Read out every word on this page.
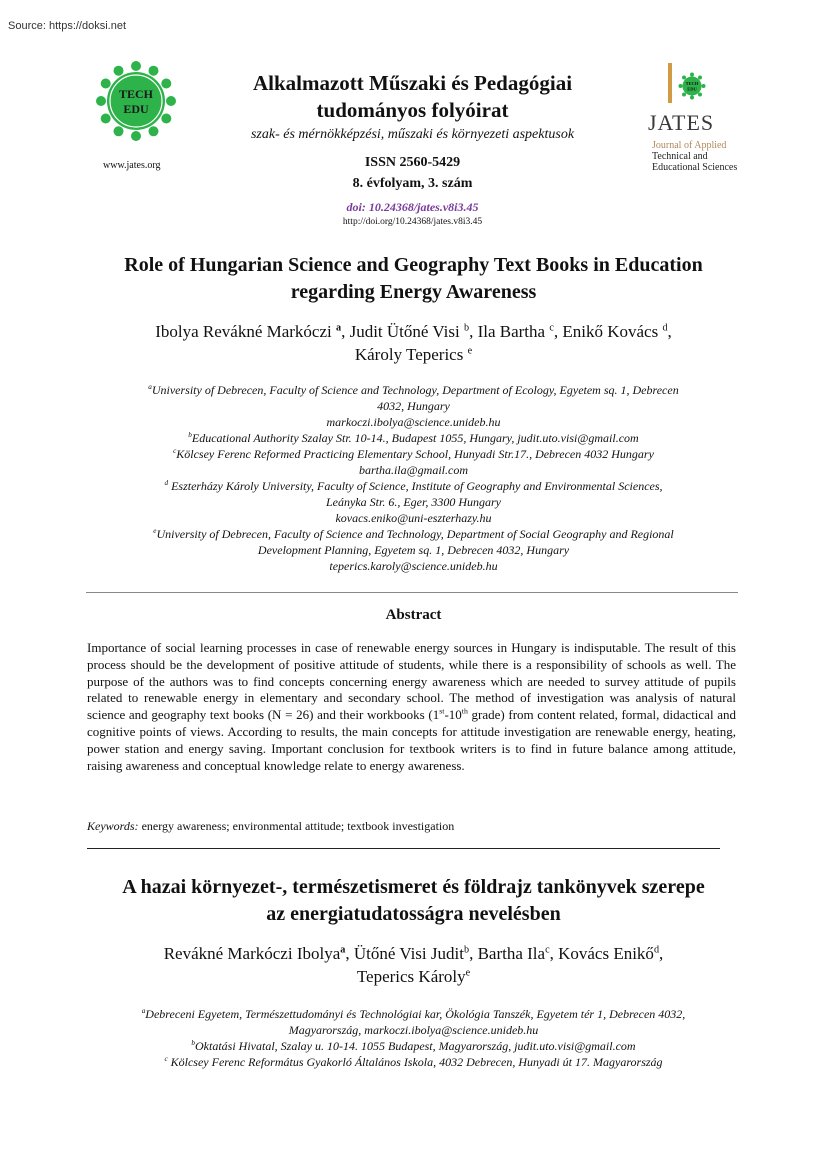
Source: https://doksi.net
TECH
EDU
www.jates.org
Alkalmazott Műszaki és Pedagógiai
tudományos folyóirat
szak- és mérnökképzési, műszaki és környezeti aspektusok
ISSN 2560-5429
8. évfolyam, 3. szám
doi: 10.24368/jates.v8i3.45
http://doi.org/10.24368/jates.v8i3.45
TECH
EDU
JATES
Journal of Applied
Technical and
Educational Sciences
Role of Hungarian Science and Geography Text Books in Education
regarding Energy Awareness
Ibolya Revákné Markóczi $^a$, Judit Ütőné Visi $^b$, Ila Bartha $^c$, Enikő Kovács $^d$,
Károly Teperics $^e$
$^a$University of Debrecen, Faculty of Science and Technology, Department of Ecology, Egyetem sq. 1, Debrecen
4032, Hungary
markoczi.ibolya@science.unideb.hu
$^b$Educational Authority Szalay Str. 10-14., Budapest 1055, Hungary, judit.uto.visi@gmail.com
$^c$Kölcsey Ferenc Reformed Practicing Elementary School, Hunyadi Str.17., Debrecen 4032 Hungary
bartha.ila@gmail.com
$^d$ Eszterházy Károly University, Faculty of Science, Institute of Geography and Environmental Sciences,
Leányka Str. 6., Eger, 3300 Hungary
kovacs.eniko@uni-eszterhazy.hu
$^e$University of Debrecen, Faculty of Science and Technology, Department of Social Geography and Regional
Development Planning, Egyetem sq. 1, Debrecen 4032, Hungary
teperics.karoly@science.unideb.hu
Abstract
Importance of social learning processes in case of renewable energy sources in Hungary is indisputable. The result of this process should be the development of positive attitude of students, while there is a responsibility of schools as well. The purpose of the authors was to find concepts concerning energy awareness which are needed to survey attitude of pupils related to renewable energy in elementary and secondary school. The method of investigation was analysis of natural science and geography text books (N = 26) and their workbooks (1st-10th grade) from content related, formal, didactical and cognitive points of views. According to results, the main concepts for attitude investigation are renewable energy, heating, power station and energy saving. Important conclusion for textbook writers is to find in future balance among attitude, raising awareness and conceptual knowledge relate to energy awareness.
Keywords: energy awareness; environmental attitude; textbook investigation
A hazai környezet-, természetismeret és földrajz tankönyvek szerepe
az energiatudatosságra nevelésben
Revákné Markóczi Ibolya$^a$, Ütőné Visi Judit$^b$, Bartha Ila$^c$, Kovács Enikő$^d$,
Teperics Károly$^e$
$^a$Debreceni Egyetem, Természettudományi és Technológiai kar, Ökológia Tanszék, Egyetem tér 1, Debrecen 4032,
Magyarország, markoczi.ibolya@science.unideb.hu
$^b$Oktatási Hivatal, Szalay u. 10-14. 1055 Budapest, Magyarország, judit.uto.visi@gmail.com
$^c$ Kölcsey Ferenc Református Gyakorló Általános Iskola, 4032 Debrecen, Hunyadi út 17. Magyarország
